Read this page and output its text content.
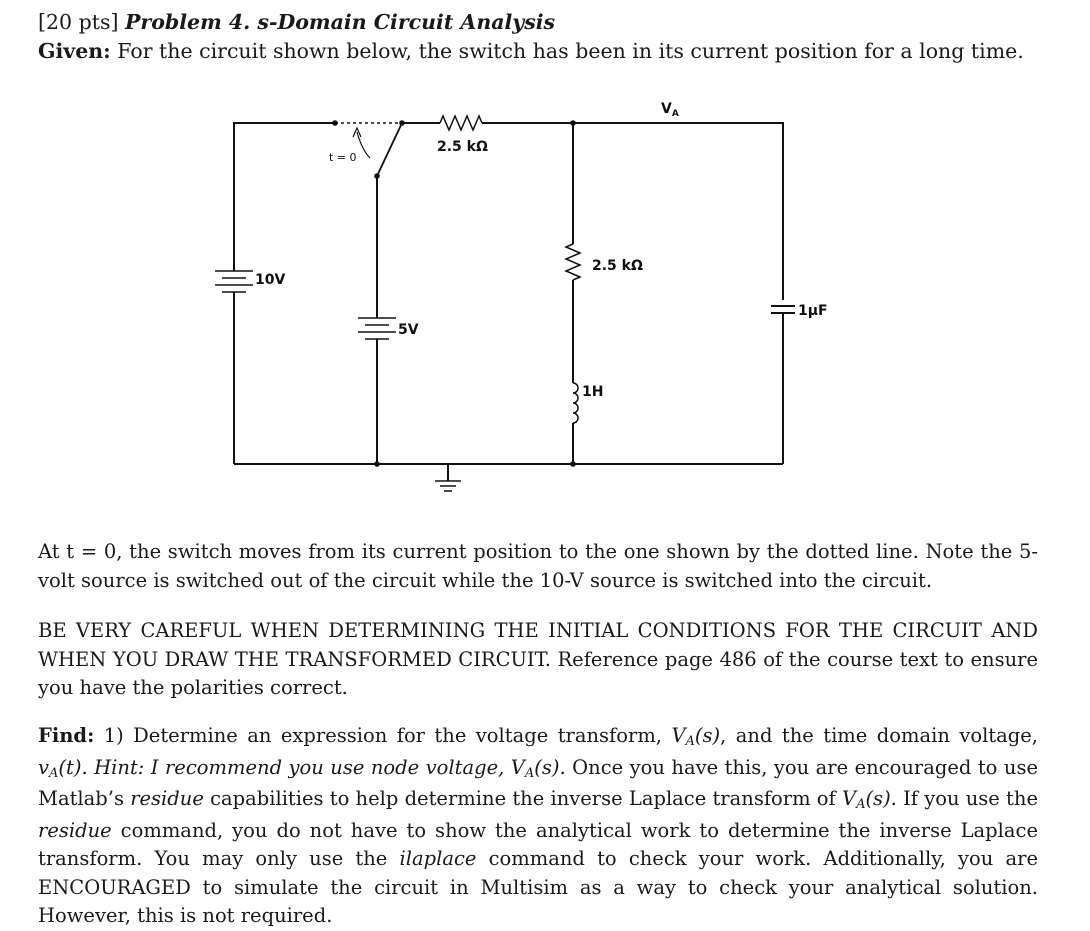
[20 pts] Problem 4. s-Domain Circuit Analysis
Given: For the circuit shown below, the switch has been in its current position for a long time.
$V_A$
2.5 kΩ
t = 0
2.5 kΩ
10V
5V
1H
1µF
At t = 0, the switch moves from its current position to the one shown by the dotted line. Note the 5-volt source is switched out of the circuit while the 10-V source is switched into the circuit.
BE VERY CAREFUL WHEN DETERMINING THE INITIAL CONDITIONS FOR THE CIRCUIT AND WHEN YOU DRAW THE TRANSFORMED CIRCUIT. Reference page 486 of the course text to ensure you have the polarities correct.
Find: 1) Determine an expression for the voltage transform, VA(s), and the time domain voltage, vA(t). Hint: I recommend you use node voltage, VA(s). Once you have this, you are encouraged to use Matlab’s residue capabilities to help determine the inverse Laplace transform of VA(s). If you use the residue command, you do not have to show the analytical work to determine the inverse Laplace transform. You may only use the ilaplace command to check your work. Additionally, you are ENCOURAGED to simulate the circuit in Multisim as a way to check your analytical solution. However, this is not required.
